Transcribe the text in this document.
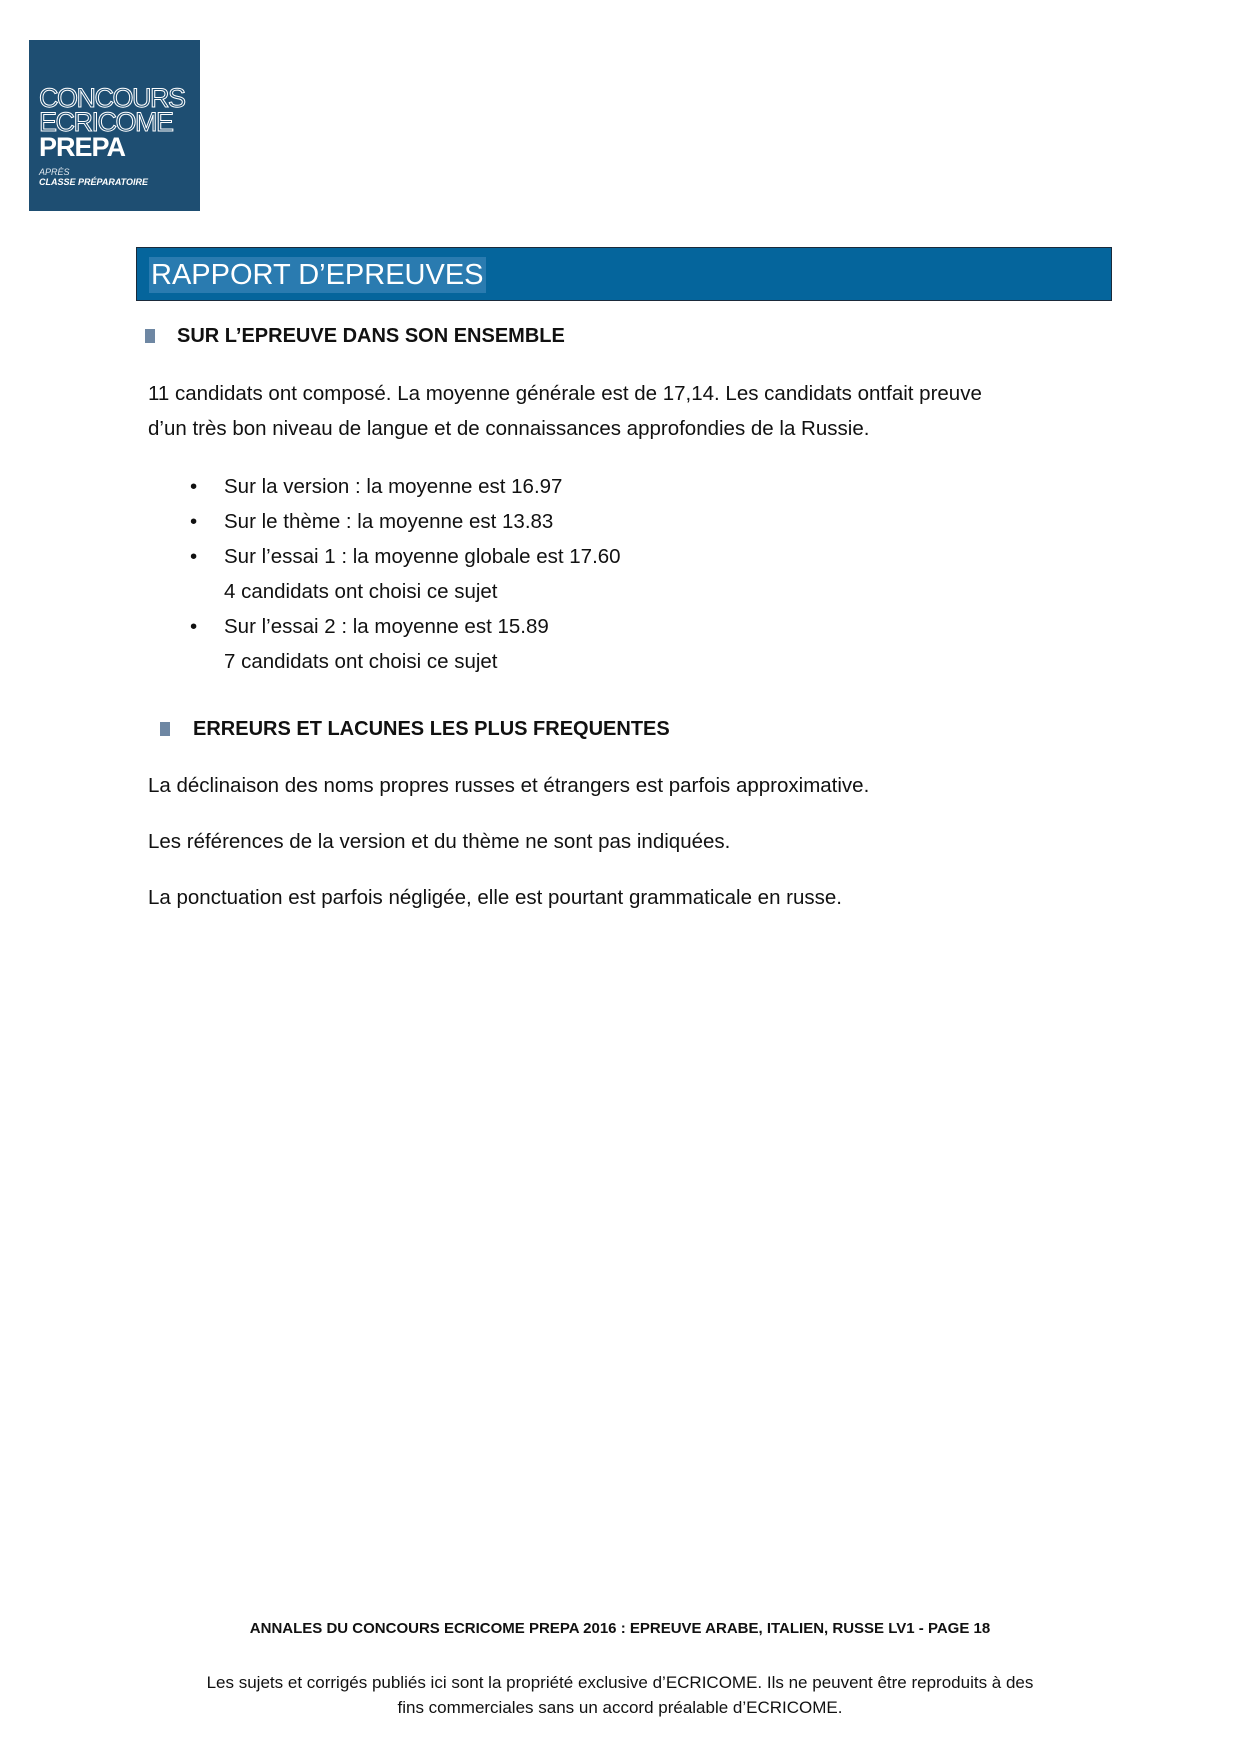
CONCOURS
ECRICOME
PREPA
APRÈS
CLASSE PRÉPARATOIRE
RAPPORT D’EPREUVES
SUR L’EPREUVE DANS SON ENSEMBLE

11 candidats ont composé. La moyenne générale est de 17,14. Les candidats ontfait preuve

d’un très bon niveau de langue et de connaissances approfondies de la Russie.

• Sur la version : la moyenne est 16.97
• Sur le thème : la moyenne est 13.83
• Sur l’essai 1 : la moyenne globale est 17.60
4 candidats ont choisi ce sujet
• Sur l’essai 2 : la moyenne est 15.89
7 candidats ont choisi ce sujet
ERREURS ET LACUNES LES PLUS FREQUENTES

La déclinaison des noms propres russes et étrangers est parfois approximative.

Les références de la version et du thème ne sont pas indiquées.

La ponctuation est parfois négligée, elle est pourtant grammaticale en russe.

ANNALES DU CONCOURS ECRICOME PREPA 2016 : EPREUVE ARABE, ITALIEN, RUSSE LV1 - PAGE 18
Les sujets et corrigés publiés ici sont la propriété exclusive d’ECRICOME. Ils ne peuvent être reproduits à des
fins commerciales sans un accord préalable d’ECRICOME.
